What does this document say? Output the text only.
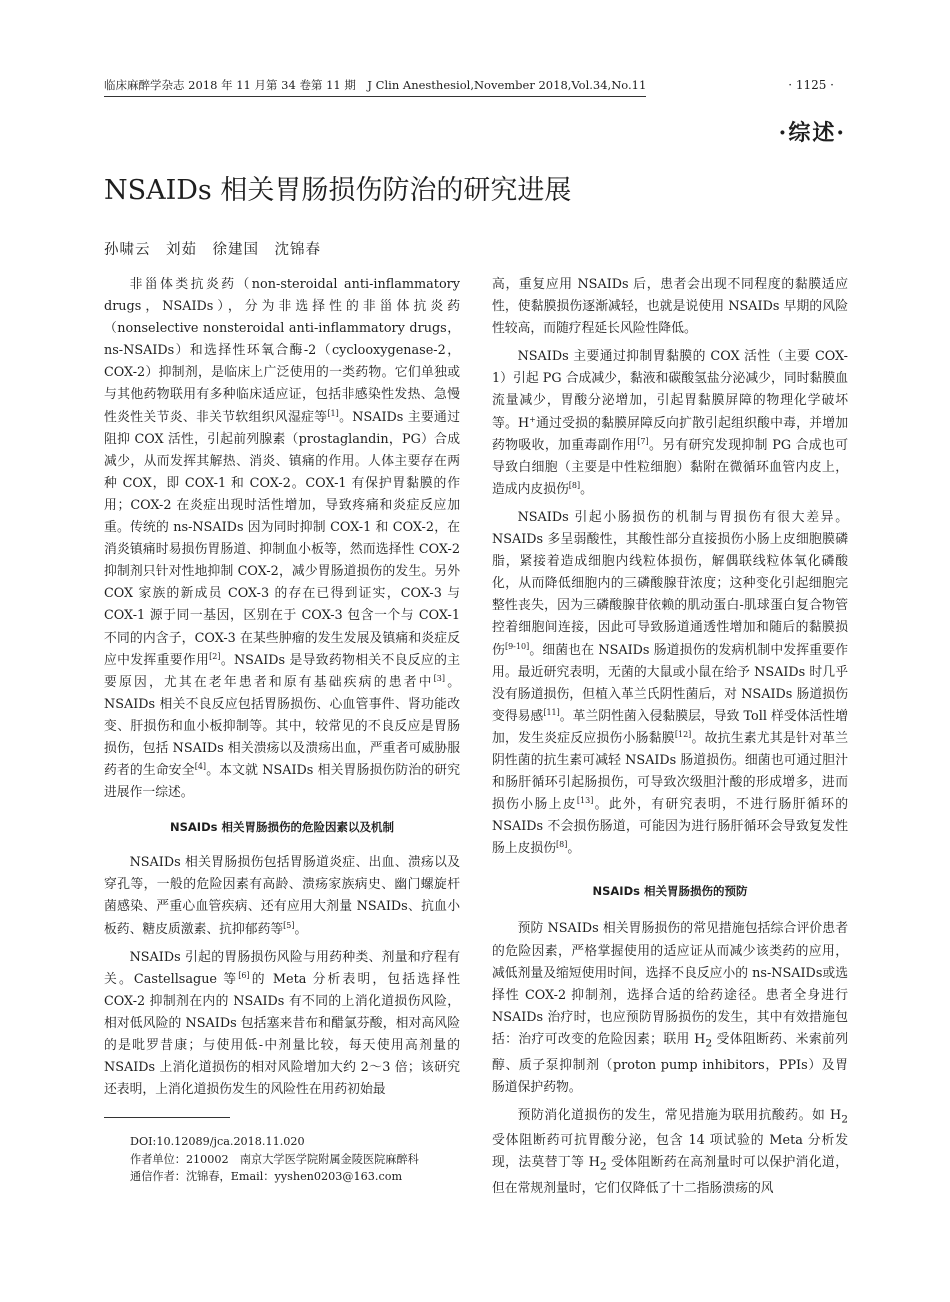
临床麻醉学杂志 2018 年 11 月第 34 卷第 11 期　J Clin Anesthesiol,November 2018,Vol.34,No.11	· 1125 ·
·综述·
NSAIDs 相关胃肠损伤防治的研究进展
孙啸云　刘茹　徐建国　沈锦春

非甾体类抗炎药（non-steroidal anti-inflammatory drugs，NSAIDs），分为非选择性的非甾体抗炎药（nonselective nonsteroidal anti-inflammatory drugs，ns-NSAIDs）和选择性环氧合酶-2（cyclooxygenase-2，COX-2）抑制剂，是临床上广泛使用的一类药物。它们单独或与其他药物联用有多种临床适应证，包括非感染性发热、急慢性炎性关节炎、非关节软组织风湿症等[1]。NSAIDs 主要通过阻抑 COX 活性，引起前列腺素（prostaglandin，PG）合成减少，从而发挥其解热、消炎、镇痛的作用。人体主要存在两种 COX，即 COX-1 和 COX-2。COX-1 有保护胃黏膜的作用；COX-2 在炎症出现时活性增加，导致疼痛和炎症反应加重。传统的 ns-NSAIDs 因为同时抑制 COX-1 和 COX-2，在消炎镇痛时易损伤胃肠道、抑制血小板等，然而选择性 COX-2 抑制剂只针对性地抑制 COX-2，减少胃肠道损伤的发生。另外 COX 家族的新成员 COX-3 的存在已得到证实，COX-3 与 COX-1 源于同一基因，区别在于 COX-3 包含一个与 COX-1 不同的内含子，COX-3 在某些肿瘤的发生发展及镇痛和炎症反应中发挥重要作用[2]。NSAIDs 是导致药物相关不良反应的主要原因，尤其在老年患者和原有基础疾病的患者中[3]。NSAIDs 相关不良反应包括胃肠损伤、心血管事件、肾功能改变、肝损伤和血小板抑制等。其中，较常见的不良反应是胃肠损伤，包括 NSAIDs 相关溃疡以及溃疡出血，严重者可威胁服药者的生命安全[4]。本文就 NSAIDs 相关胃肠损伤防治的研究进展作一综述。

NSAIDs 相关胃肠损伤的危险因素以及机制

NSAIDs 相关胃肠损伤包括胃肠道炎症、出血、溃疡以及穿孔等，一般的危险因素有高龄、溃疡家族病史、幽门螺旋杆菌感染、严重心血管疾病、还有应用大剂量 NSAIDs、抗血小板药、糖皮质激素、抗抑郁药等[5]。

NSAIDs 引起的胃肠损伤风险与用药种类、剂量和疗程有关。Castellsague 等[6]的 Meta 分析表明，包括选择性 COX-2 抑制剂在内的 NSAIDs 有不同的上消化道损伤风险，相对低风险的 NSAIDs 包括塞来昔布和醋氯芬酸，相对高风险的是吡罗昔康；与使用低-中剂量比较，每天使用高剂量的 NSAIDs 上消化道损伤的相对风险增加大约 2～3 倍；该研究还表明，上消化道损伤发生的风险性在用药初始最

高，重复应用 NSAIDs 后，患者会出现不同程度的黏膜适应性，使黏膜损伤逐渐减轻，也就是说使用 NSAIDs 早期的风险性较高，而随疗程延长风险性降低。

NSAIDs 主要通过抑制胃黏膜的 COX 活性（主要 COX-1）引起 PG 合成减少，黏液和碳酸氢盐分泌减少，同时黏膜血流量减少，胃酸分泌增加，引起胃黏膜屏障的物理化学破坏等。H+通过受损的黏膜屏障反向扩散引起组织酸中毒，并增加药物吸收，加重毒副作用[7]。另有研究发现抑制 PG 合成也可导致白细胞（主要是中性粒细胞）黏附在微循环血管内皮上，造成内皮损伤[8]。

NSAIDs 引起小肠损伤的机制与胃损伤有很大差异。NSAIDs 多呈弱酸性，其酸性部分直接损伤小肠上皮细胞膜磷脂，紧接着造成细胞内线粒体损伤，解偶联线粒体氧化磷酸化，从而降低细胞内的三磷酸腺苷浓度；这种变化引起细胞完整性丧失，因为三磷酸腺苷依赖的肌动蛋白-肌球蛋白复合物管控着细胞间连接，因此可导致肠道通透性增加和随后的黏膜损伤[9-10]。细菌也在 NSAIDs 肠道损伤的发病机制中发挥重要作用。最近研究表明，无菌的大鼠或小鼠在给予 NSAIDs 时几乎没有肠道损伤，但植入革兰氏阴性菌后，对 NSAIDs 肠道损伤变得易感[11]。革兰阴性菌入侵黏膜层，导致 Toll 样受体活性增加，发生炎症反应损伤小肠黏膜[12]。故抗生素尤其是针对革兰阴性菌的抗生素可减轻 NSAIDs 肠道损伤。细菌也可通过胆汁和肠肝循环引起肠损伤，可导致次级胆汁酸的形成增多，进而损伤小肠上皮[13]。此外，有研究表明，不进行肠肝循环的 NSAIDs 不会损伤肠道，可能因为进行肠肝循环会导致复发性肠上皮损伤[8]。

NSAIDs 相关胃肠损伤的预防

预防 NSAIDs 相关胃肠损伤的常见措施包括综合评价患者的危险因素，严格掌握使用的适应证从而减少该类药的应用，减低剂量及缩短使用时间，选择不良反应小的 ns-NSAIDs或选择性 COX-2 抑制剂，选择合适的给药途径。患者全身进行 NSAIDs 治疗时，也应预防胃肠损伤的发生，其中有效措施包括：治疗可改变的危险因素；联用 $H_2$ 受体阻断药、米索前列醇、质子泵抑制剂（proton pump inhibitors，PPIs）及胃肠道保护药物。

预防消化道损伤的发生，常见措施为联用抗酸药。如 $H_2$ 受体阻断药可抗胃酸分泌，包含 14 项试验的 Meta 分析发现，法莫替丁等 $H_2$ 受体阻断药在高剂量时可以保护消化道，但在常规剂量时，它们仅降低了十二指肠溃疡的风

DOI:10.12089/jca.2018.11.020
作者单位：210002　南京大学医学院附属金陵医院麻醉科
通信作者：沈锦春，Email：yyshen0203@163.com
